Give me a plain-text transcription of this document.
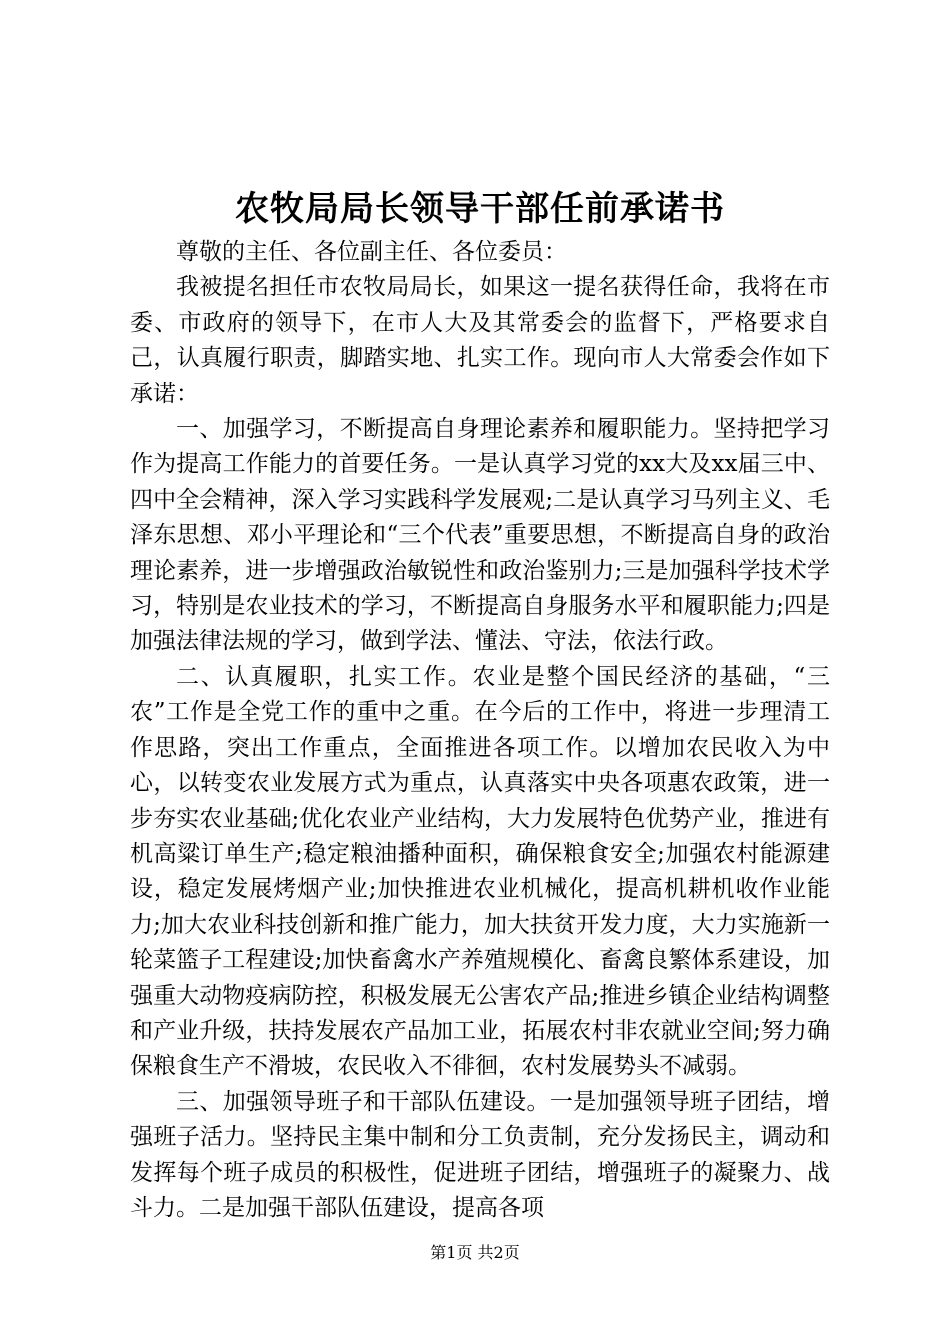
农牧局局长领导干部任前承诺书

尊敬的主任、各位副主任、各位委员：

我被提名担任市农牧局局长，如果这一提名获得任命，我将在市委、市政府的领导下，在市人大及其常委会的监督下，严格要求自己，认真履行职责，脚踏实地、扎实工作。现向市人大常委会作如下承诺：

一、加强学习，不断提高自身理论素养和履职能力。坚持把学习作为提高工作能力的首要任务。一是认真学习党的xx大及xx届三中、四中全会精神，深入学习实践科学发展观;二是认真学习马列主义、毛泽东思想、邓小平理论和“三个代表”重要思想，不断提高自身的政治理论素养，进一步增强政治敏锐性和政治鉴别力;三是加强科学技术学习，特别是农业技术的学习，不断提高自身服务水平和履职能力;四是加强法律法规的学习，做到学法、懂法、守法，依法行政。

二、认真履职，扎实工作。农业是整个国民经济的基础，“三农”工作是全党工作的重中之重。在今后的工作中，将进一步理清工作思路，突出工作重点，全面推进各项工作。以增加农民收入为中心，以转变农业发展方式为重点，认真落实中央各项惠农政策，进一步夯实农业基础;优化农业产业结构，大力发展特色优势产业，推进有机高粱订单生产;稳定粮油播种面积，确保粮食安全;加强农村能源建设，稳定发展烤烟产业;加快推进农业机械化，提高机耕机收作业能力;加大农业科技创新和推广能力，加大扶贫开发力度，大力实施新一轮菜篮子工程建设;加快畜禽水产养殖规模化、畜禽良繁体系建设，加强重大动物疫病防控，积极发展无公害农产品;推进乡镇企业结构调整和产业升级，扶持发展农产品加工业，拓展农村非农就业空间;努力确保粮食生产不滑坡，农民收入不徘徊，农村发展势头不减弱。

三、加强领导班子和干部队伍建设。一是加强领导班子团结，增强班子活力。坚持民主集中制和分工负责制，充分发扬民主，调动和发挥每个班子成员的积极性，促进班子团结，增强班子的凝聚力、战斗力。二是加强干部队伍建设，提高各项

第1页 共2页
